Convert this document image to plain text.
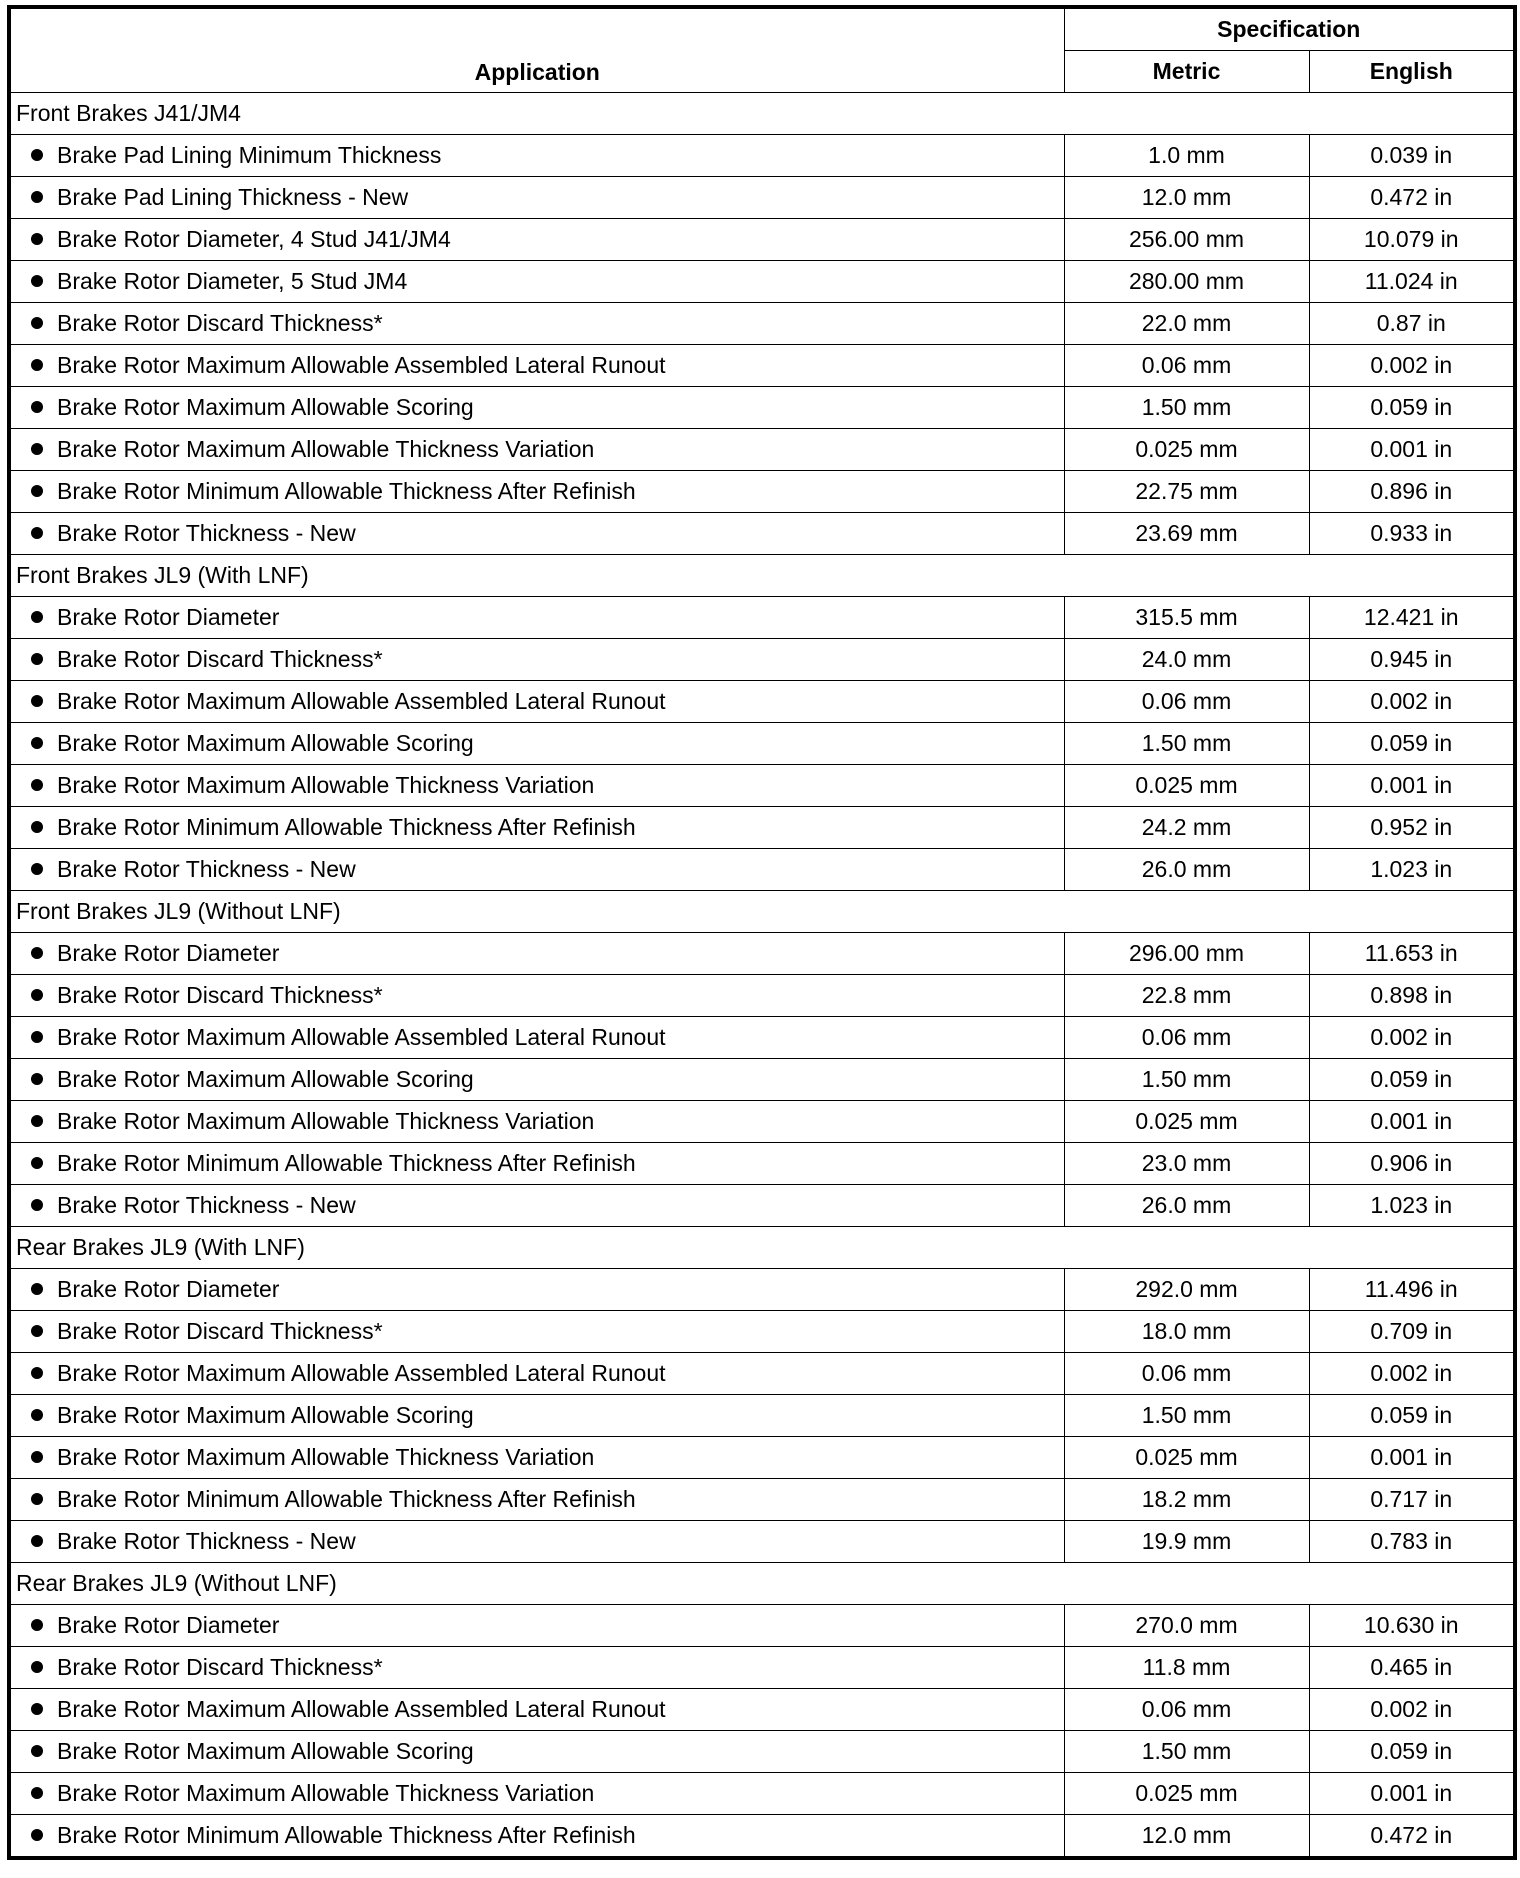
Application	Specification	
	Metric	English
Front Brakes J41/JM4		
Brake Pad Lining Minimum Thickness	1.0 mm	0.039 in
Brake Pad Lining Thickness - New	12.0 mm	0.472 in
Brake Rotor Diameter, 4 Stud J41/JM4	256.00 mm	10.079 in
Brake Rotor Diameter, 5 Stud JM4	280.00 mm	11.024 in
Brake Rotor Discard Thickness*	22.0 mm	0.87 in
Brake Rotor Maximum Allowable Assembled Lateral Runout	0.06 mm	0.002 in
Brake Rotor Maximum Allowable Scoring	1.50 mm	0.059 in
Brake Rotor Maximum Allowable Thickness Variation	0.025 mm	0.001 in
Brake Rotor Minimum Allowable Thickness After Refinish	22.75 mm	0.896 in
Brake Rotor Thickness - New	23.69 mm	0.933 in
Front Brakes JL9 (With LNF)		
Brake Rotor Diameter	315.5 mm	12.421 in
Brake Rotor Discard Thickness*	24.0 mm	0.945 in
Brake Rotor Maximum Allowable Assembled Lateral Runout	0.06 mm	0.002 in
Brake Rotor Maximum Allowable Scoring	1.50 mm	0.059 in
Brake Rotor Maximum Allowable Thickness Variation	0.025 mm	0.001 in
Brake Rotor Minimum Allowable Thickness After Refinish	24.2 mm	0.952 in
Brake Rotor Thickness - New	26.0 mm	1.023 in
Front Brakes JL9 (Without LNF)		
Brake Rotor Diameter	296.00 mm	11.653 in
Brake Rotor Discard Thickness*	22.8 mm	0.898 in
Brake Rotor Maximum Allowable Assembled Lateral Runout	0.06 mm	0.002 in
Brake Rotor Maximum Allowable Scoring	1.50 mm	0.059 in
Brake Rotor Maximum Allowable Thickness Variation	0.025 mm	0.001 in
Brake Rotor Minimum Allowable Thickness After Refinish	23.0 mm	0.906 in
Brake Rotor Thickness - New	26.0 mm	1.023 in
Rear Brakes JL9 (With LNF)		
Brake Rotor Diameter	292.0 mm	11.496 in
Brake Rotor Discard Thickness*	18.0 mm	0.709 in
Brake Rotor Maximum Allowable Assembled Lateral Runout	0.06 mm	0.002 in
Brake Rotor Maximum Allowable Scoring	1.50 mm	0.059 in
Brake Rotor Maximum Allowable Thickness Variation	0.025 mm	0.001 in
Brake Rotor Minimum Allowable Thickness After Refinish	18.2 mm	0.717 in
Brake Rotor Thickness - New	19.9 mm	0.783 in
Rear Brakes JL9 (Without LNF)		
Brake Rotor Diameter	270.0 mm	10.630 in
Brake Rotor Discard Thickness*	11.8 mm	0.465 in
Brake Rotor Maximum Allowable Assembled Lateral Runout	0.06 mm	0.002 in
Brake Rotor Maximum Allowable Scoring	1.50 mm	0.059 in
Brake Rotor Maximum Allowable Thickness Variation	0.025 mm	0.001 in
Brake Rotor Minimum Allowable Thickness After Refinish	12.0 mm	0.472 in
